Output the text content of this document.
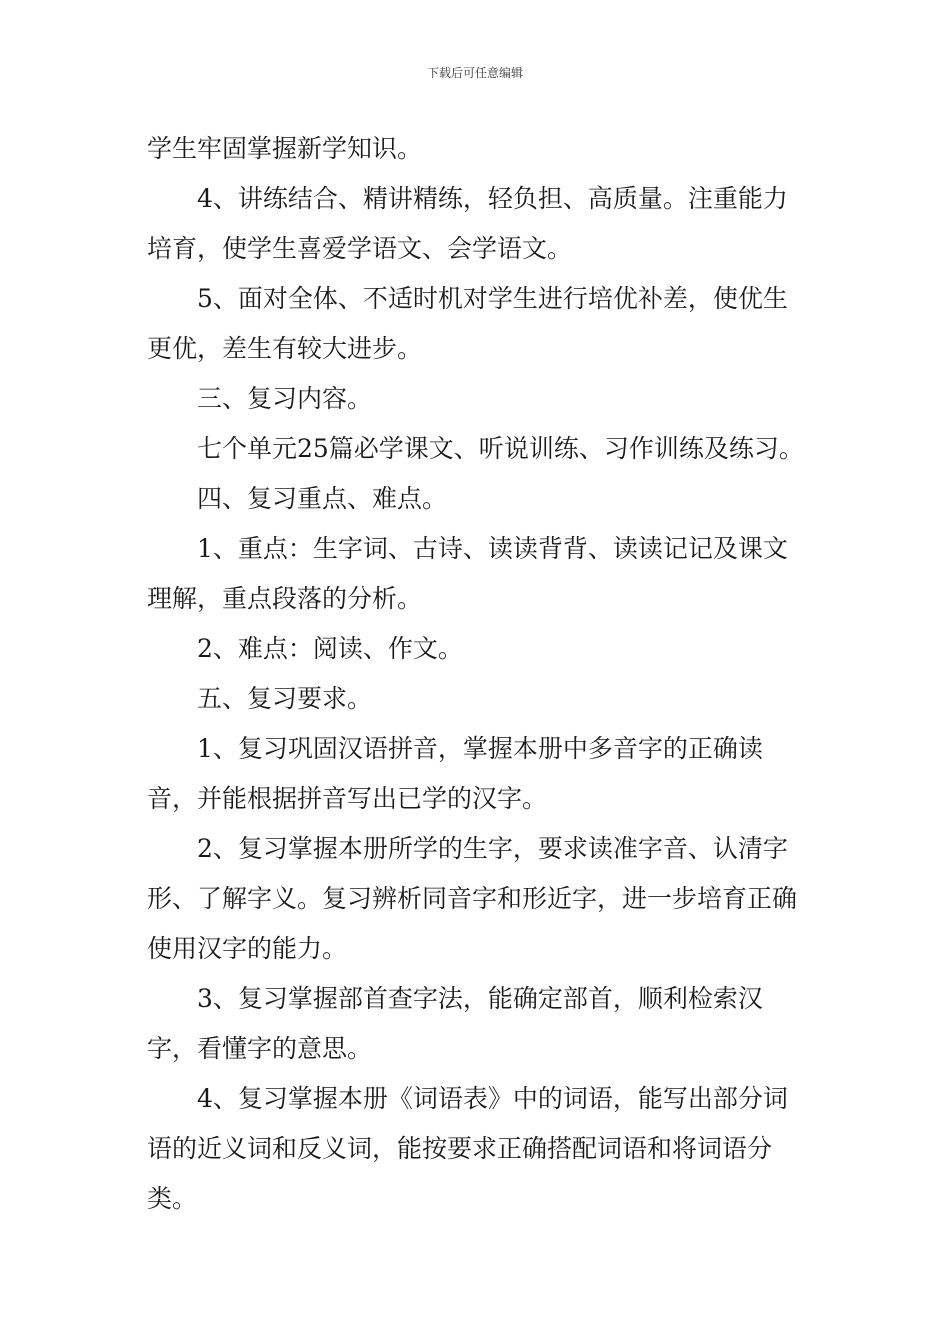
下载后可任意编辑

学生牢固掌握新学知识。

4、讲练结合、精讲精练，轻负担、高质量。注重能力培育，使学生喜爱学语文、会学语文。

5、面对全体、不适时机对学生进行培优补差，使优生更优，差生有较大进步。

三、复习内容。

七个单元25篇必学课文、听说训练、习作训练及练习。

四、复习重点、难点。

1、重点：生字词、古诗、读读背背、读读记记及课文理解，重点段落的分析。

2、难点：阅读、作文。

五、复习要求。

1、复习巩固汉语拼音，掌握本册中多音字的正确读音，并能根据拼音写出已学的汉字。

2、复习掌握本册所学的生字，要求读准字音、认清字形、了解字义。复习辨析同音字和形近字，进一步培育正确使用汉字的能力。

3、复习掌握部首查字法，能确定部首，顺利检索汉字，看懂字的意思。

4、复习掌握本册《词语表》中的词语，能写出部分词语的近义词和反义词，能按要求正确搭配词语和将词语分类。
